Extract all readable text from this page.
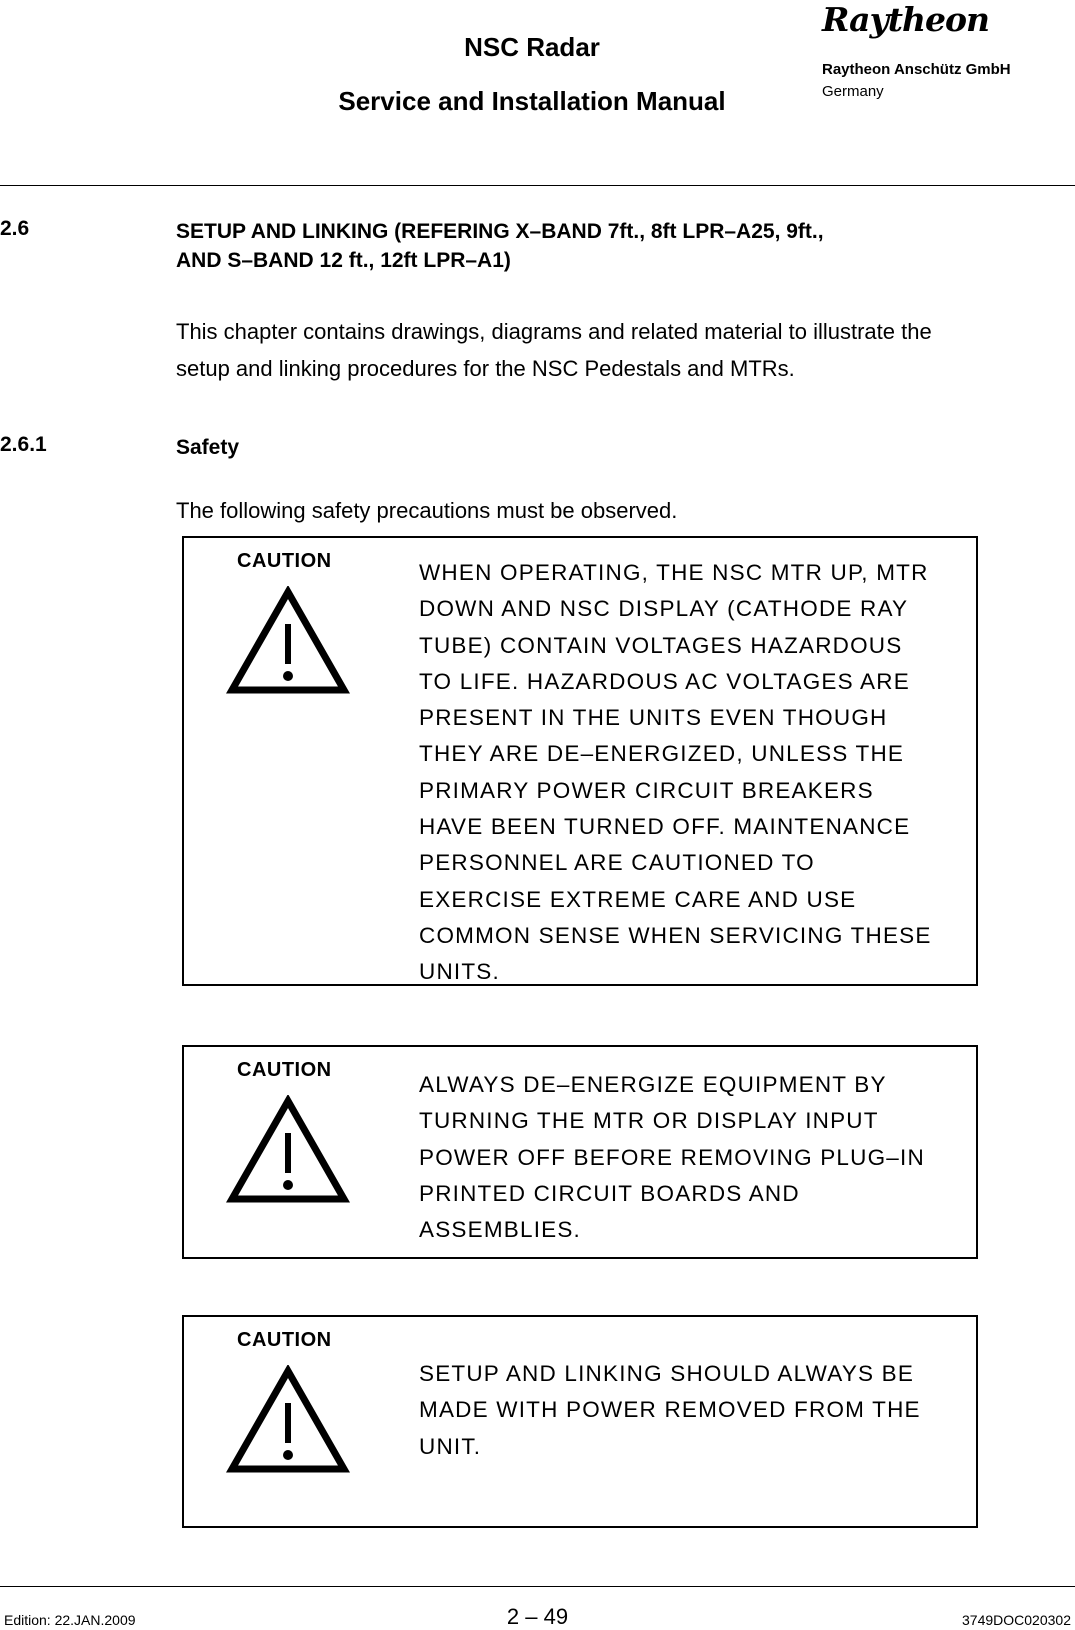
NSC Radar
Service and Installation Manual
Raytheon
Raytheon Anschütz GmbH
Germany
2.6	SETUP AND LINKING (REFERING X–BAND 7ft., 8ft LPR–A25, 9ft.,
AND S–BAND 12 ft., 12ft LPR–A1)
This chapter contains drawings, diagrams and related material to illustrate the
setup and linking procedures for the NSC Pedestals and MTRs.
2.6.1	Safety
The following safety precautions must be observed.
CAUTION	WHEN OPERATING, THE NSC MTR UP, MTR
DOWN AND NSC DISPLAY (CATHODE RAY
TUBE) CONTAIN VOLTAGES HAZARDOUS
TO LIFE. HAZARDOUS AC VOLTAGES ARE
PRESENT IN THE UNITS EVEN THOUGH
THEY ARE DE–ENERGIZED, UNLESS THE
PRIMARY POWER CIRCUIT BREAKERS
HAVE BEEN TURNED OFF. MAINTENANCE
PERSONNEL ARE CAUTIONED TO
EXERCISE EXTREME CARE AND USE
COMMON SENSE WHEN SERVICING THESE
UNITS.
CAUTION
ALWAYS DE–ENERGIZE EQUIPMENT BY
TURNING THE MTR OR DISPLAY INPUT
POWER OFF BEFORE REMOVING PLUG–IN
PRINTED CIRCUIT BOARDS AND
ASSEMBLIES.
CAUTION
SETUP AND LINKING SHOULD ALWAYS BE
MADE WITH POWER REMOVED FROM THE
UNIT.
Edition: 22.JAN.2009	2 – 49	3749DOC020302
